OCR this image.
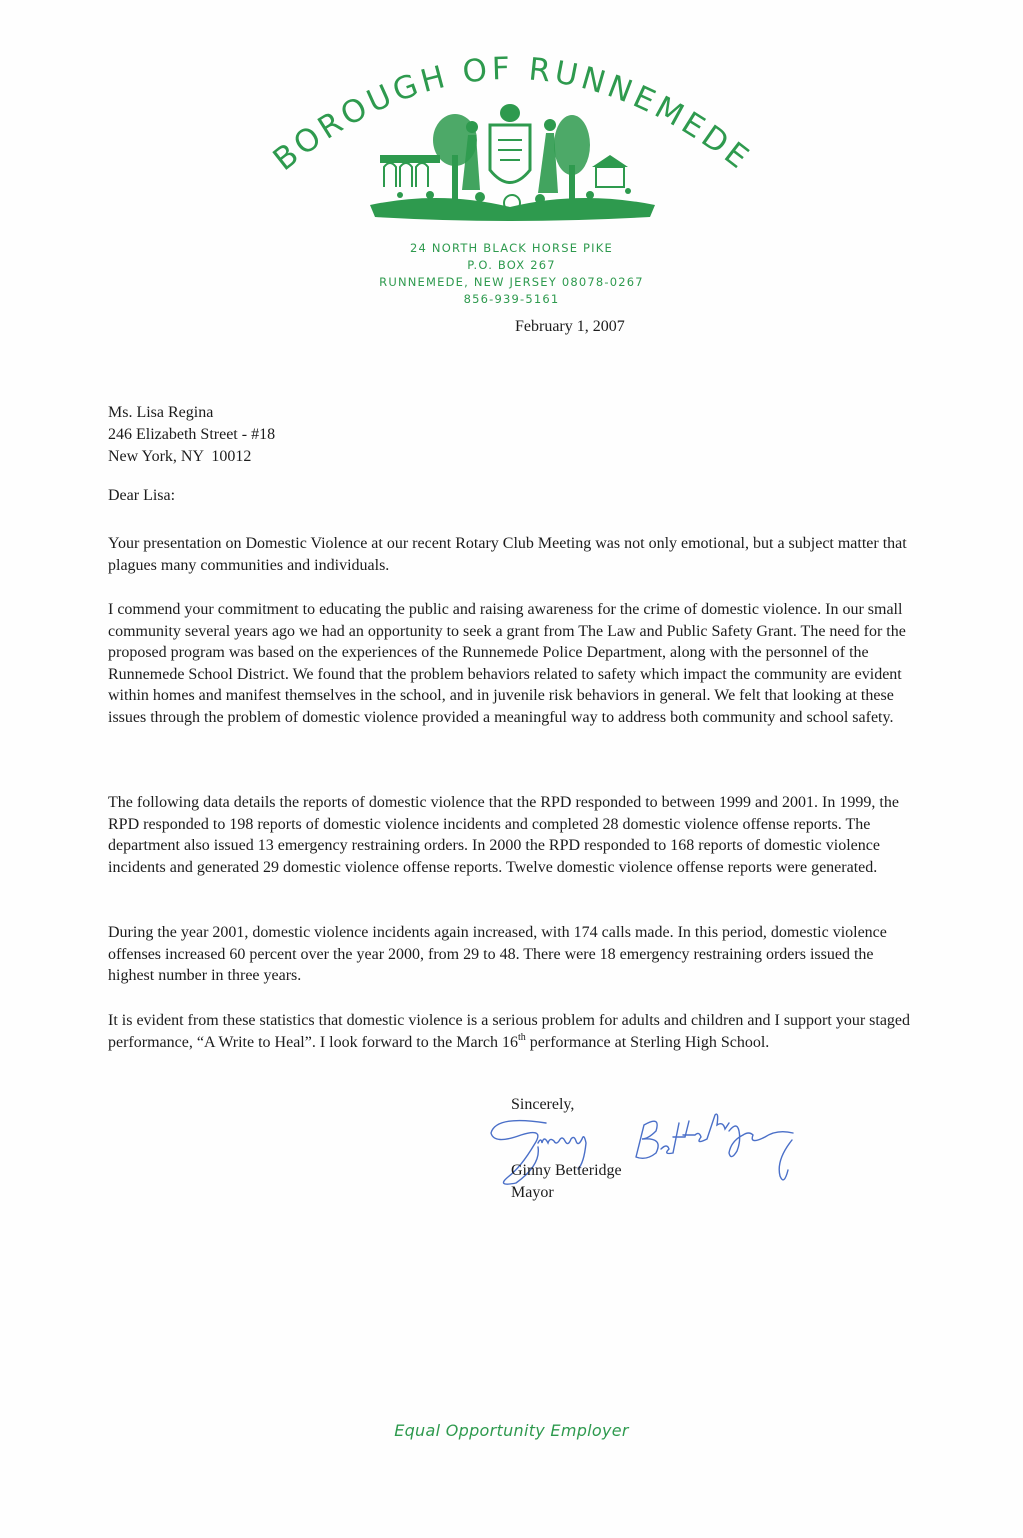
BOROUGH OF RUNNEMEDE
24 NORTH BLACK HORSE PIKE
P.O. BOX 267
RUNNEMEDE, NEW JERSEY 08078-0267
856-939-5161
February 1, 2007
Ms. Lisa Regina
246 Elizabeth Street - #18
New York, NY  10012
Dear Lisa:

Your presentation on Domestic Violence at our recent Rotary Club Meeting was not only emotional, but a subject matter that plagues many communities and individuals.

I commend your commitment to educating the public and raising awareness for the crime of domestic violence. In our small community several years ago we had an opportunity to seek a grant from The Law and Public Safety Grant. The need for the proposed program was based on the experiences of the Runnemede Police Department, along with the personnel of the Runnemede School District. We found that the problem behaviors related to safety which impact the community are evident within homes and manifest themselves in the school, and in juvenile risk behaviors in general. We felt that looking at these issues through the problem of domestic violence provided a meaningful way to address both community and school safety.

The following data details the reports of domestic violence that the RPD responded to between 1999 and 2001. In 1999, the RPD responded to 198 reports of domestic violence incidents and completed 28 domestic violence offense reports. The department also issued 13 emergency restraining orders. In 2000 the RPD responded to 168 reports of domestic violence incidents and generated 29 domestic violence offense reports. Twelve domestic violence offense reports were generated.

During the year 2001, domestic violence incidents again increased, with 174 calls made. In this period, domestic violence offenses increased 60 percent over the year 2000, from 29 to 48. There were 18 emergency restraining orders issued the highest number in three years.

It is evident from these statistics that domestic violence is a serious problem for adults and children and I support your staged performance, “A Write to Heal”. I look forward to the March 16th performance at Sterling High School.

Sincerely,
Ginny Betteridge
Mayor
Equal Opportunity Employer
